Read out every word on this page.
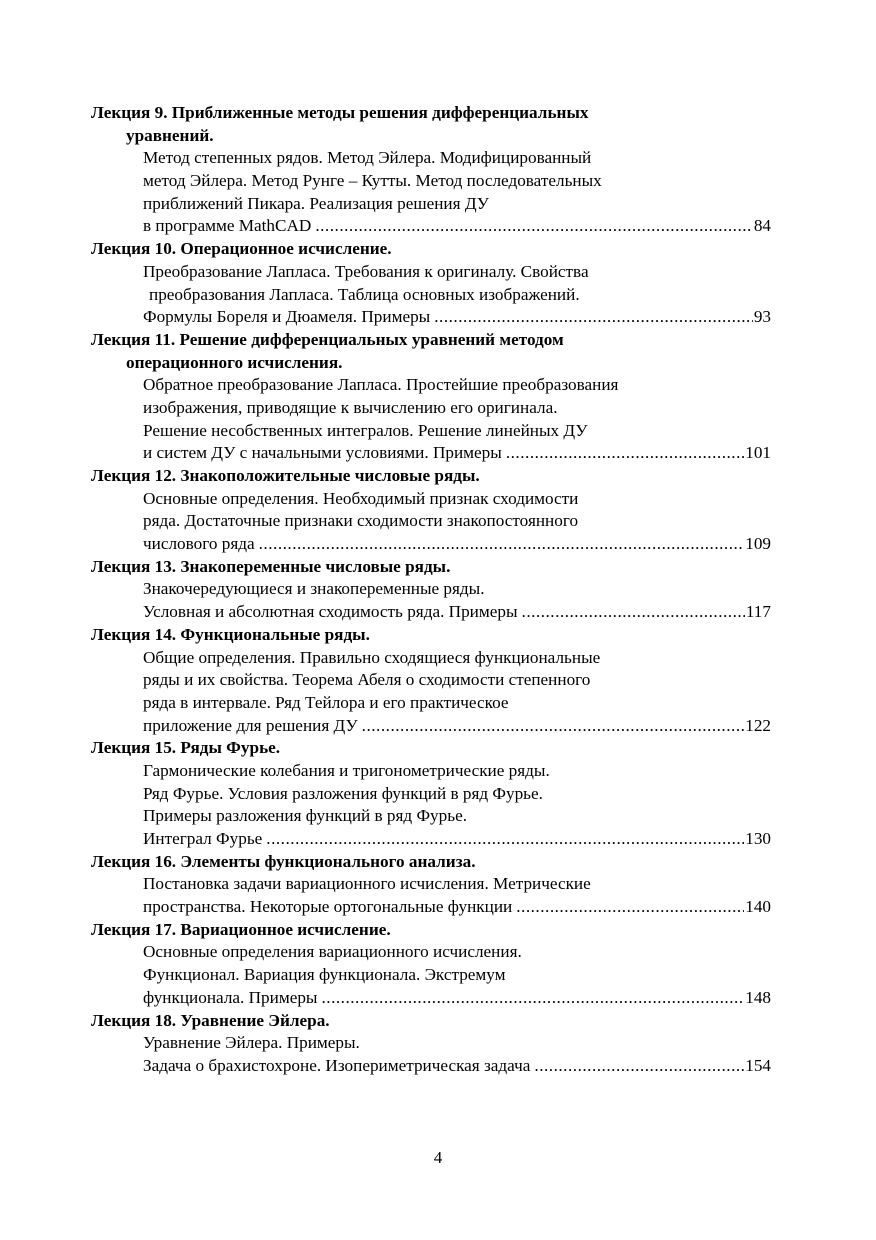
Лекция 9. Приближенные методы решения дифференциальных
уравнений.
Метод степенных рядов. Метод Эйлера. Модифицированный
метод Эйлера. Метод Рунге – Кутты. Метод последовательных
приближений Пикара. Реализация решения ДУ
в программе MathCAD .....	84
Лекция 10. Операционное исчисление.
Преобразование Лапласа. Требования к оригиналу. Свойства
преобразования Лапласа. Таблица основных изображений.
Формулы Бореля и Дюамеля. Примеры .....	93
Лекция 11. Решение дифференциальных уравнений методом
операционного исчисления.
Обратное преобразование Лапласа. Простейшие преобразования
изображения, приводящие к вычислению его оригинала.
Решение несобственных интегралов. Решение линейных ДУ
и систем ДУ с начальными условиями. Примеры .....	101
Лекция 12. Знакоположительные числовые ряды.
Основные определения. Необходимый признак сходимости
ряда. Достаточные признаки сходимости знакопостоянного
числового ряда .....	109
Лекция 13. Знакопеременные числовые ряды.
Знакочередующиеся и знакопеременные ряды.
Условная и абсолютная сходимость ряда. Примеры .....	117
Лекция 14. Функциональные ряды.
Общие определения. Правильно сходящиеся функциональные
ряды и их свойства. Теорема Абеля о сходимости степенного
ряда в интервале. Ряд Тейлора и его практическое
приложение для решения ДУ .....	122
Лекция 15. Ряды Фурье.
Гармонические колебания и тригонометрические ряды.
Ряд Фурье. Условия разложения функций в ряд Фурье.
Примеры разложения функций в ряд Фурье.
Интеграл Фурье .....	130
Лекция 16. Элементы функционального анализа.
Постановка задачи вариационного исчисления. Метрические
пространства. Некоторые ортогональные функции .....	140
Лекция 17. Вариационное исчисление.
Основные определения вариационного исчисления.
Функционал. Вариация функционала. Экстремум
функционала. Примеры .....	148
Лекция 18. Уравнение Эйлера.
Уравнение Эйлера. Примеры.
Задача о брахистохроне. Изопериметрическая задача .....	154
4
